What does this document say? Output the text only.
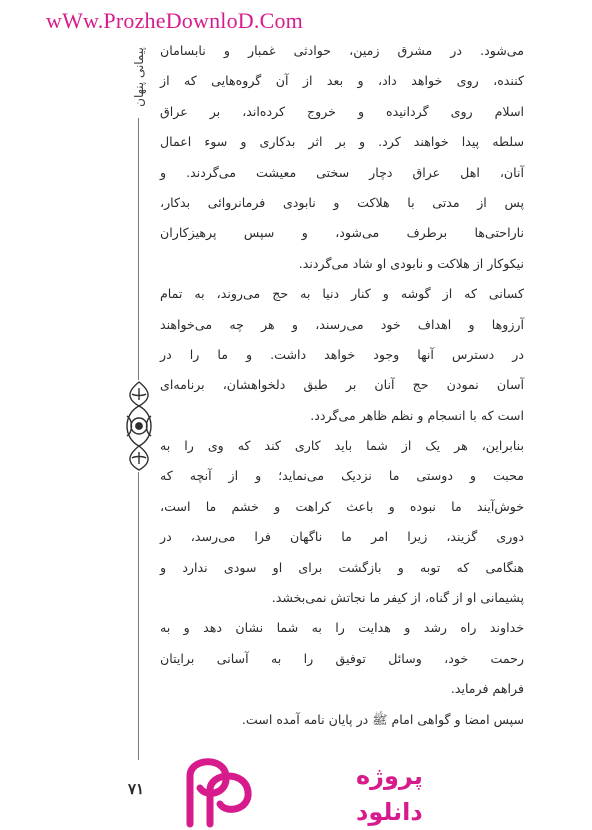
wWw.ProzheDownloD.Com
پیمانی پنهان
۷۱
می‌شود. در مشرق زمین، حوادثی غمبار و نابسامان
کننده، روی خواهد داد، و بعد از آن گروه‌هایی که از
اسلام روی گردانیده و خروج کرده‌اند، بر عراق
سلطه پیدا خواهند کرد. و بر اثر بدکاری و سوء اعمال
آنان، اهل عراق دچار سختی معیشت می‌گردند. و
پس از مدتی با هلاکت و نابودی فرمانروائی بدکار،
ناراحتی‌ها برطرف می‌شود، و سپس پرهیزکاران
نیکوکار از هلاکت و نابودی او شاد می‌گردند.
کسانی که از گوشه و کنار دنیا به حج می‌روند، به تمام
آرزوها و اهداف خود می‌رسند، و هر چه می‌خواهند
در دسترس آنها وجود خواهد داشت. و ما را در
آسان نمودن حج آنان بر طبق دلخواهشان، برنامه‌ای
است که با انسجام و نظم ظاهر می‌گردد.
بنابراین، هر یک از شما باید کاری کند که وی را به
محبت و دوستی ما نزدیک می‌نماید؛ و از آنچه که
خوش‌آیند ما نبوده و باعث کراهت و خشم ما است،
دوری گزیند، زیرا امر ما ناگهان فرا می‌رسد، در
هنگامی که توبه و بازگشت برای او سودی ندارد و
پشیمانی او از گناه، از کیفر ما نجاتش نمی‌بخشد.
خداوند راه رشد و هدایت را به شما نشان دهد و به
رحمت خود، وسائل توفیق را به آسانی برایتان
فراهم فرماید.
سپس امضا و گواهی امام ﷺ در پایان نامه آمده است.
پروژه
دانلود
